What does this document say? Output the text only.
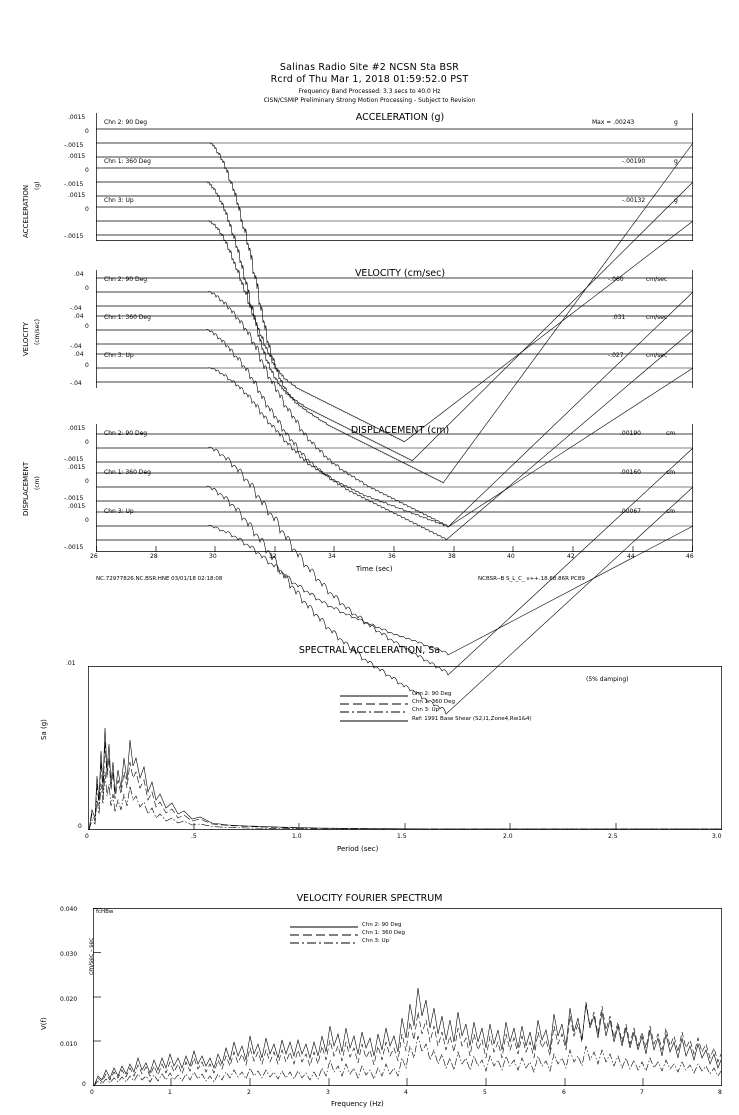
Salinas Radio Site #2 NCSN Sta BSR
Rcrd of Thu Mar 1, 2018 01:59:52.0 PST
Frequency Band Processed: 3.3 secs to 40.0 Hz
CISN/CSMIP Preliminary Strong Motion Processing - Subject to Revision
ACCELERATION (g)
ACCELERATION (g)
.0015
0
-.0015
.0015
0
-.0015
.0015
0
-.0015
Chn 2: 90 Deg
Chn 1: 360 Deg
Chn 3: Up
Max = .00243	g
-.00190	g
-.00132	g
VELOCITY (cm/sec)
VELOCITY (cm/sec)
.04
0
-.04
.04
0
-.04
.04
0
-.04
Chn 2: 90 Deg
Chn 1: 360 Deg
Chn 3: Up
-.060	cm/sec
.031	cm/sec
-.027	cm/sec
DISPLACEMENT (cm)
DISPLACEMENT (cm)
.0015
0
-.0015
.0015
0
-.0015
.0015
0
-.0015
Chn 2: 90 Deg
Chn 1: 360 Deg
Chn 3: Up
.00190	cm
.00160	cm
.00067	cm
26	28	30	32	34	36	38	40	42	44	46
Time (sec)
NC.72977826.NC.BSR.HNE 03/01/18 02:18:08	NCBSR--B S_L_C_ v++.18.68.86R PC89
SPECTRAL ACCELERATION, Sa
Sa (g)
.01
0
(5% damping)
Chn 2: 90 Deg
Chn 1: 360 Deg
Chn 3: Up
Ref: 1991 Base Shear (S2,I1,Zone4,Rw1&4)
0	.5	1.0	1.5	2.0	2.5	3.0
Period (sec)
VELOCITY FOURIER SPECTRUM
V(f)
cm/sec - sec
fcHBw
0.040
0.030
0.020
0.010
0
Chn 2: 90 Deg
Chn 1: 360 Deg
Chn 3: Up
0	1	2	3	4	5	6	7	8
Frequency (Hz)
